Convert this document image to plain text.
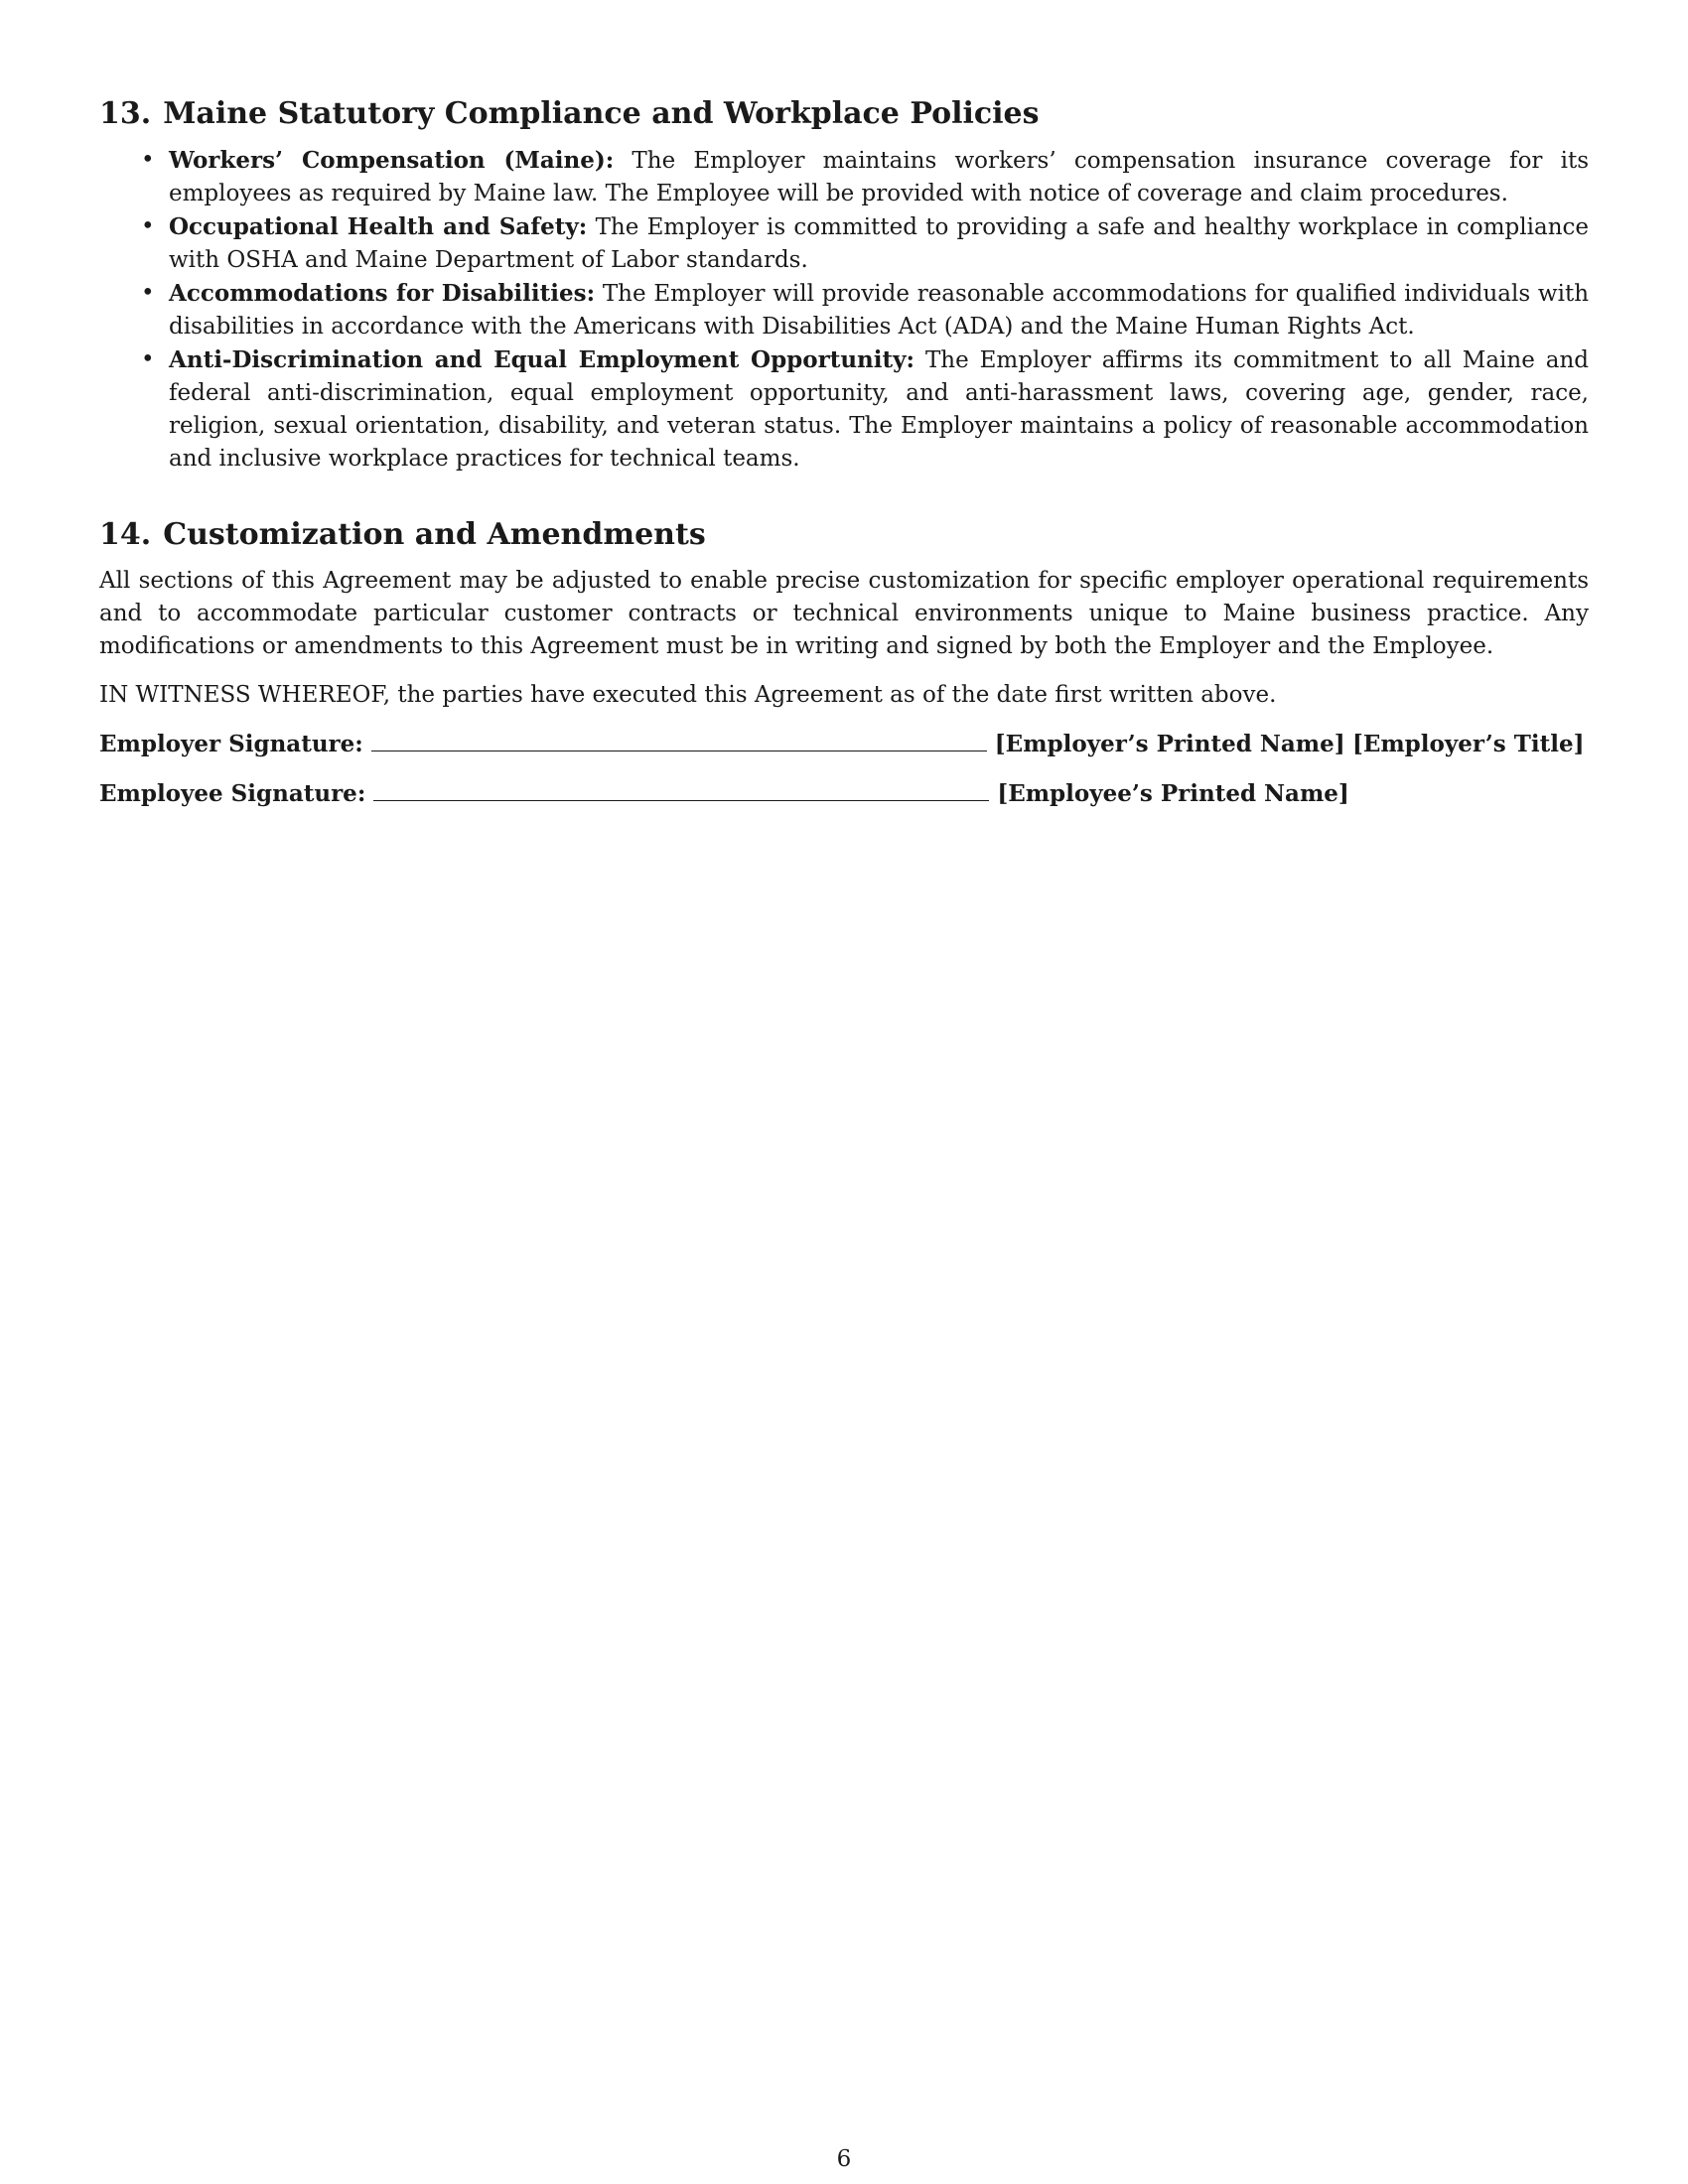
13. Maine Statutory Compliance and Workplace Policies
• Workers’ Compensation (Maine): The Employer maintains workers’ compensation insurance coverage for its employees as required by Maine law. The Employee will be provided with notice of coverage and claim procedures.
• Occupational Health and Safety: The Employer is committed to providing a safe and healthy workplace in compliance with OSHA and Maine Department of Labor standards.
• Accommodations for Disabilities: The Employer will provide reasonable accommodations for qualified individuals with disabilities in accordance with the Americans with Disabilities Act (ADA) and the Maine Human Rights Act.
• Anti-Discrimination and Equal Employment Opportunity: The Employer affirms its commitment to all Maine and federal anti-discrimination, equal employment opportunity, and anti-harassment laws, covering age, gender, race, religion, sexual orientation, disability, and veteran status. The Employer maintains a policy of reasonable accommodation and inclusive workplace practices for technical teams.
14. Customization and Amendments

All sections of this Agreement may be adjusted to enable precise customization for specific employer operational requirements and to accommodate particular customer contracts or technical environments unique to Maine business practice. Any modifications or amendments to this Agreement must be in writing and signed by both the Employer and the Employee.

IN WITNESS WHEREOF, the parties have executed this Agreement as of the date first written above.

Employer Signature:	[Employer’s Printed Name] [Employer’s Title]
Employee Signature:	[Employee’s Printed Name]
6
